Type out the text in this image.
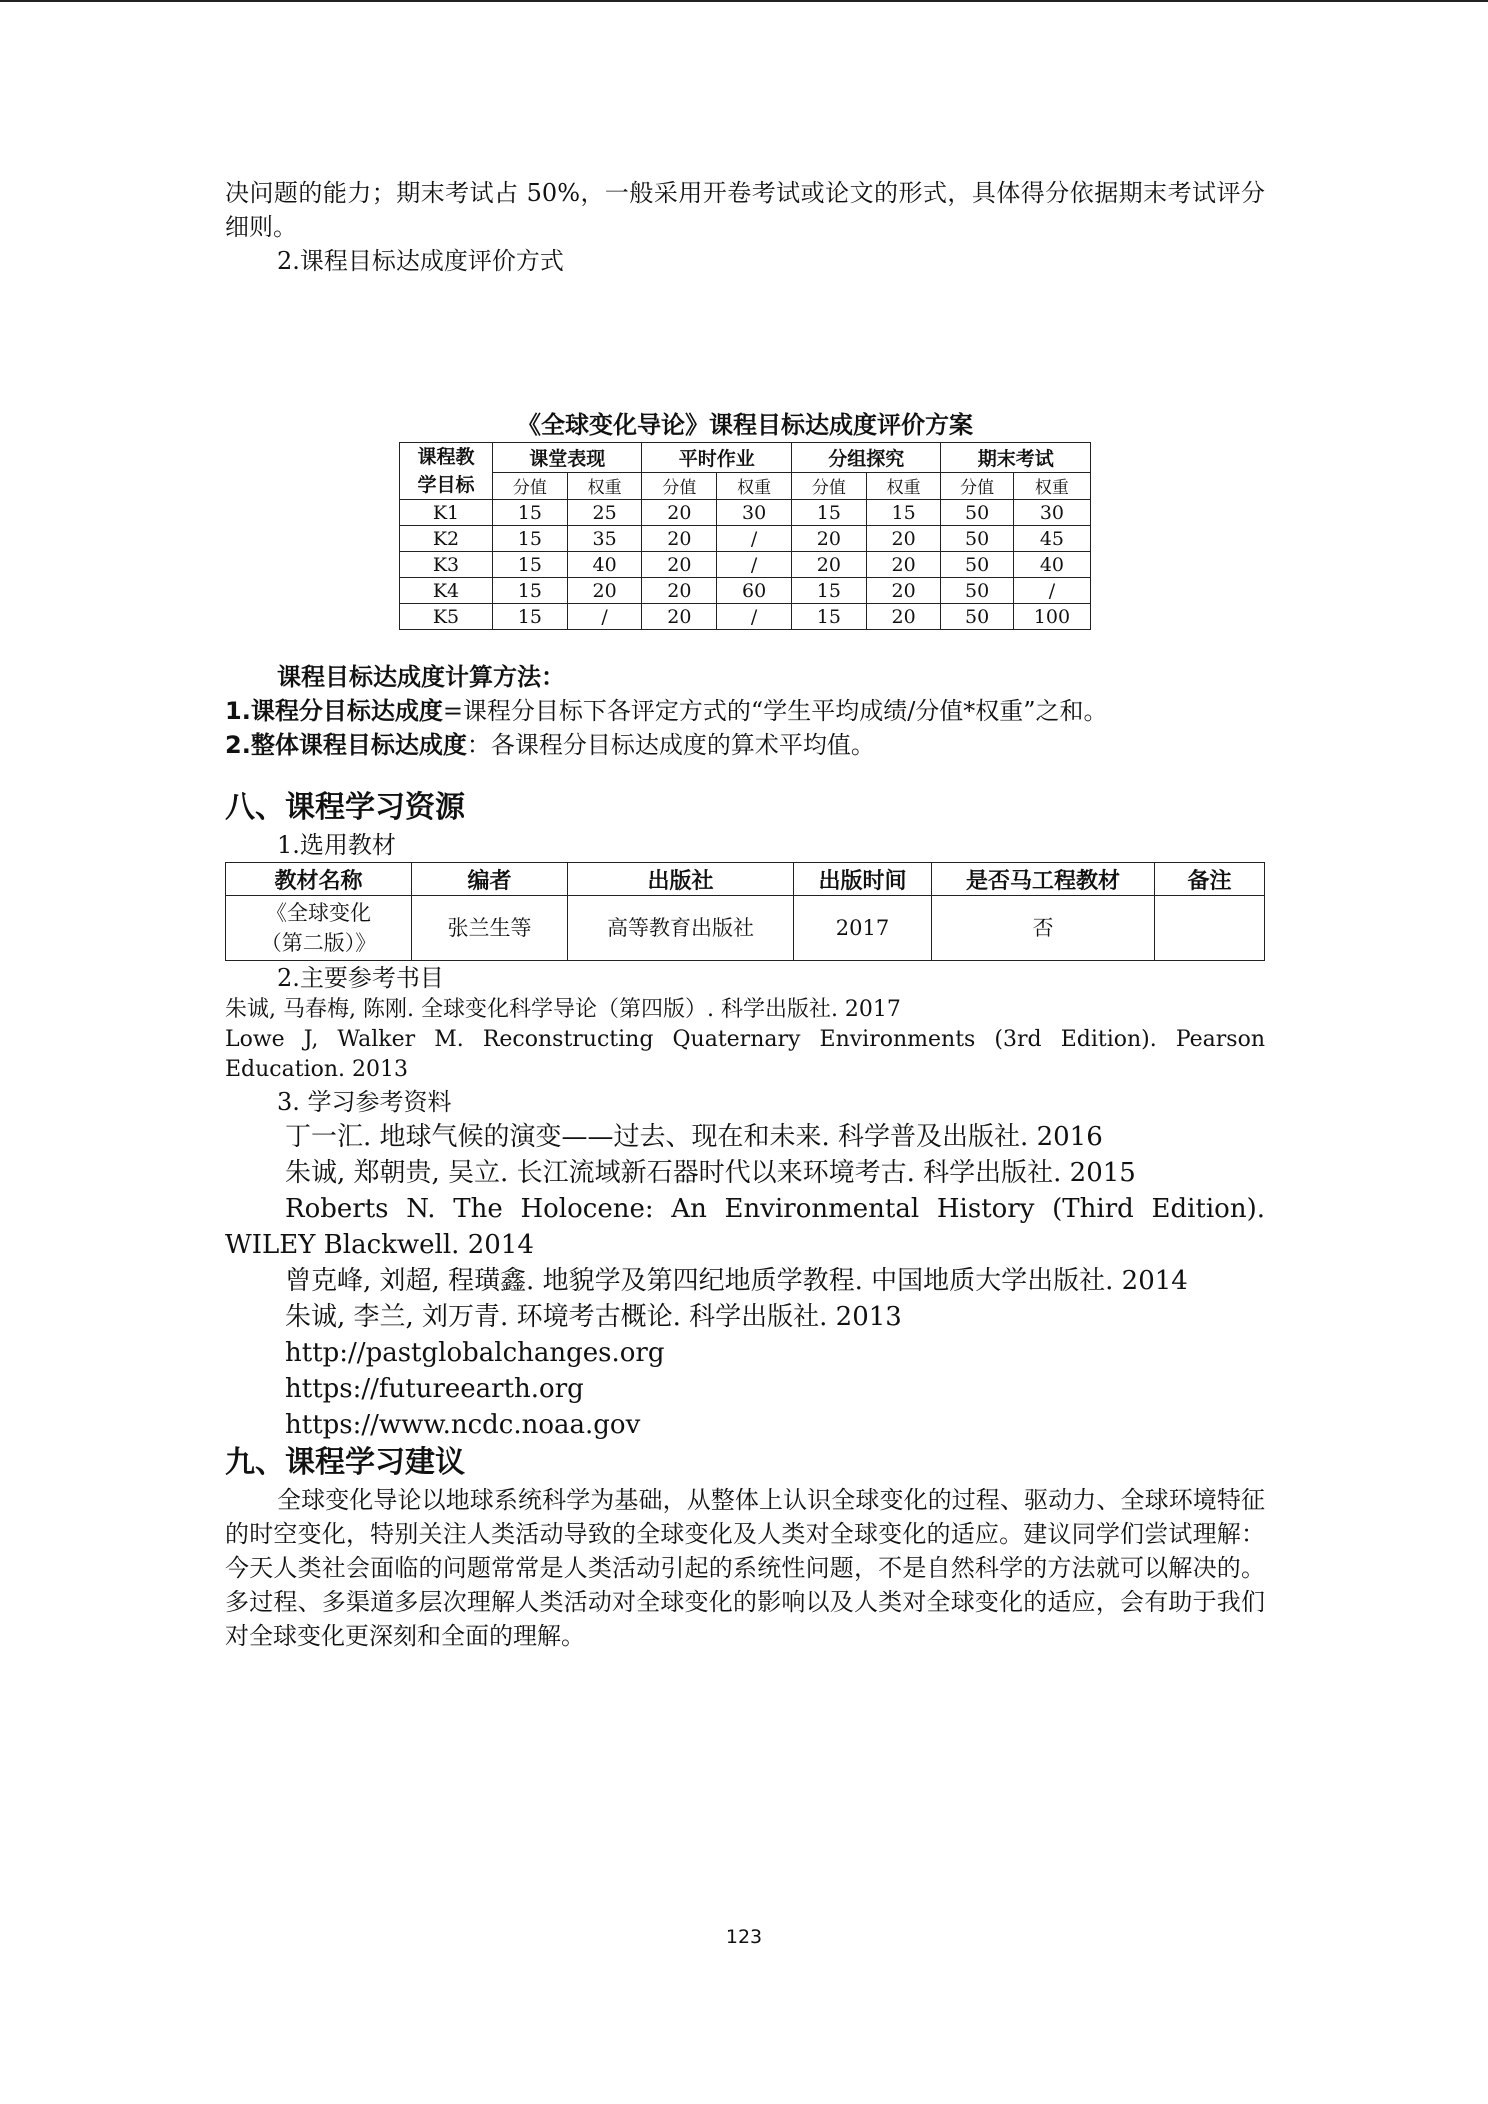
决问题的能力；期末考试占 50%，一般采用开卷考试或论文的形式，具体得分依据期末考试评分细则。

2.课程目标达成度评价方式

《全球变化导论》课程目标达成度评价方案

课程教学目标	课堂表现		平时作业		分组探究		期末考试	
	分值	权重	分值	权重	分值	权重	分值	权重
K1	15	25	20	30	15	15	50	30
K2	15	35	20	/	20	20	50	45
K3	15	40	20	/	20	20	50	40
K4	15	20	20	60	15	20	50	/
K5	15	/	20	/	15	20	50	100

课程目标达成度计算方法：

1.课程分目标达成度=课程分目标下各评定方式的“学生平均成绩/分值*权重”之和。

2.整体课程目标达成度：各课程分目标达成度的算术平均值。

八、课程学习资源

1.选用教材

教材名称	编者	出版社	出版时间	是否马工程教材	备注

《全球变化
（第二版）》	张兰生等	高等教育出版社	2017	否	

2.主要参考书目

朱诚, 马春梅, 陈刚. 全球变化科学导论（第四版）. 科学出版社. 2017

Lowe J, Walker M. Reconstructing Quaternary Environments (3rd Edition). Pearson Education. 2013

3. 学习参考资料

丁一汇. 地球气候的演变——过去、现在和未来. 科学普及出版社. 2016

朱诚, 郑朝贵, 吴立. 长江流域新石器时代以来环境考古. 科学出版社. 2015

Roberts N. The Holocene: An Environmental History (Third Edition). WILEY Blackwell. 2014

曾克峰, 刘超, 程璜鑫. 地貌学及第四纪地质学教程. 中国地质大学出版社. 2014

朱诚, 李兰, 刘万青. 环境考古概论. 科学出版社. 2013

http://pastglobalchanges.org

https://futureearth.org

https://www.ncdc.noaa.gov

九、课程学习建议

全球变化导论以地球系统科学为基础，从整体上认识全球变化的过程、驱动力、全球环境特征的时空变化，特别关注人类活动导致的全球变化及人类对全球变化的适应。建议同学们尝试理解：今天人类社会面临的问题常常是人类活动引起的系统性问题，不是自然科学的方法就可以解决的。多过程、多渠道多层次理解人类活动对全球变化的影响以及人类对全球变化的适应，会有助于我们对全球变化更深刻和全面的理解。

123
